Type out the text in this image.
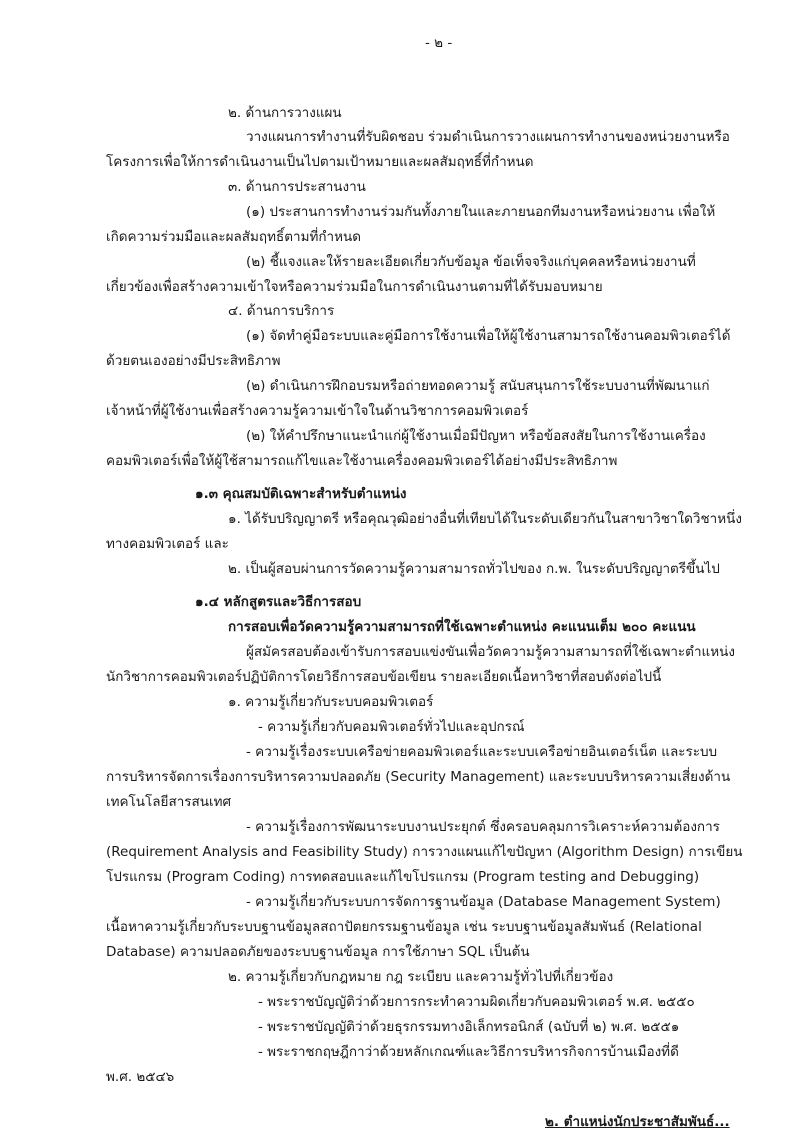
- ๒ -
๒. ด้านการวางแผน
วางแผนการทำงานที่รับผิดชอบ ร่วมดำเนินการวางแผนการทำงานของหน่วยงานหรือ
โครงการเพื่อให้การดำเนินงานเป็นไปตามเป้าหมายและผลสัมฤทธิ์ที่กำหนด
๓. ด้านการประสานงาน
(๑) ประสานการทำงานร่วมกันทั้งภายในและภายนอกทีมงานหรือหน่วยงาน เพื่อให้
เกิดความร่วมมือและผลสัมฤทธิ์ตามที่กำหนด
(๒) ชี้แจงและให้รายละเอียดเกี่ยวกับข้อมูล ข้อเท็จจริงแก่บุคคลหรือหน่วยงานที่
เกี่ยวข้องเพื่อสร้างความเข้าใจหรือความร่วมมือในการดำเนินงานตามที่ได้รับมอบหมาย
๔. ด้านการบริการ
(๑) จัดทำคู่มือระบบและคู่มือการใช้งานเพื่อให้ผู้ใช้งานสามารถใช้งานคอมพิวเตอร์ได้
ด้วยตนเองอย่างมีประสิทธิภาพ
(๒) ดำเนินการฝึกอบรมหรือถ่ายทอดความรู้ สนับสนุนการใช้ระบบงานที่พัฒนาแก่
เจ้าหน้าที่ผู้ใช้งานเพื่อสร้างความรู้ความเข้าใจในด้านวิชาการคอมพิวเตอร์
(๒) ให้คำปรึกษาแนะนำแก่ผู้ใช้งานเมื่อมีปัญหา หรือข้อสงสัยในการใช้งานเครื่อง
คอมพิวเตอร์เพื่อให้ผู้ใช้สามารถแก้ไขและใช้งานเครื่องคอมพิวเตอร์ได้อย่างมีประสิทธิภาพ
๑.๓ คุณสมบัติเฉพาะสำหรับตำแหน่ง
๑. ได้รับปริญญาตรี หรือคุณวุฒิอย่างอื่นที่เทียบได้ในระดับเดียวกันในสาขาวิชาใดวิชาหนึ่ง
ทางคอมพิวเตอร์ และ
๒. เป็นผู้สอบผ่านการวัดความรู้ความสามารถทั่วไปของ ก.พ. ในระดับปริญญาตรีขึ้นไป
๑.๔ หลักสูตรและวิธีการสอบ
การสอบเพื่อวัดความรู้ความสามารถที่ใช้เฉพาะตำแหน่ง คะแนนเต็ม ๒๐๐ คะแนน
ผู้สมัครสอบต้องเข้ารับการสอบแข่งขันเพื่อวัดความรู้ความสามารถที่ใช้เฉพาะตำแหน่ง
นักวิชาการคอมพิวเตอร์ปฏิบัติการโดยวิธีการสอบข้อเขียน รายละเอียดเนื้อหาวิชาที่สอบดังต่อไปนี้
๑. ความรู้เกี่ยวกับระบบคอมพิวเตอร์
- ความรู้เกี่ยวกับคอมพิวเตอร์ทั่วไปและอุปกรณ์
- ความรู้เรื่องระบบเครือข่ายคอมพิวเตอร์และระบบเครือข่ายอินเตอร์เน็ต และระบบ
การบริหารจัดการเรื่องการบริหารความปลอดภัย (Security Management) และระบบบริหารความเสี่ยงด้าน
เทคโนโลยีสารสนเทศ
- ความรู้เรื่องการพัฒนาระบบงานประยุกต์ ซึ่งครอบคลุมการวิเคราะห์ความต้องการ
(Requirement Analysis and Feasibility Study) การวางแผนแก้ไขปัญหา (Algorithm Design) การเขียน
โปรแกรม (Program Coding) การทดสอบและแก้ไขโปรแกรม (Program testing and Debugging)
- ความรู้เกี่ยวกับระบบการจัดการฐานข้อมูล (Database Management System)
เนื้อหาความรู้เกี่ยวกับระบบฐานข้อมูลสถาปัตยกรรมฐานข้อมูล เช่น ระบบฐานข้อมูลสัมพันธ์ (Relational
Database) ความปลอดภัยของระบบฐานข้อมูล การใช้ภาษา SQL เป็นต้น
๒. ความรู้เกี่ยวกับกฎหมาย กฎ ระเบียบ และความรู้ทั่วไปที่เกี่ยวข้อง
- พระราชบัญญัติว่าด้วยการกระทำความผิดเกี่ยวกับคอมพิวเตอร์ พ.ศ. ๒๕๕๐
- พระราชบัญญัติว่าด้วยธุรกรรมทางอิเล็กทรอนิกส์ (ฉบับที่ ๒) พ.ศ. ๒๕๕๑
- พระราชกฤษฎีกาว่าด้วยหลักเกณฑ์และวิธีการบริหารกิจการบ้านเมืองที่ดี
พ.ศ. ๒๕๔๖
๒. ตำแหน่งนักประชาสัมพันธ์...
